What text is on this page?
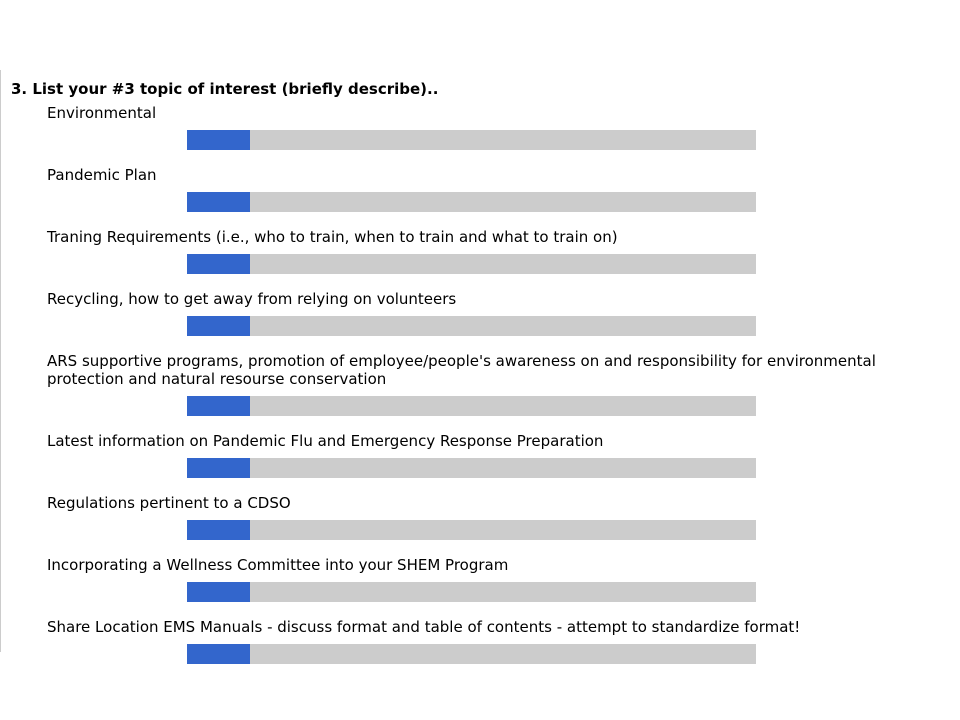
3. List your #3 topic of interest (briefly describe)..

Environmental

Pandemic Plan

Traning Requirements (i.e., who to train, when to train and what to train on)

Recycling, how to get away from relying on volunteers

ARS supportive programs, promotion of employee/people's awareness on and responsibility for environmental protection and natural resourse conservation

Latest information on Pandemic Flu and Emergency Response Preparation

Regulations pertinent to a CDSO

Incorporating a Wellness Committee into your SHEM Program

Share Location EMS Manuals - discuss format and table of contents - attempt to standardize format!
